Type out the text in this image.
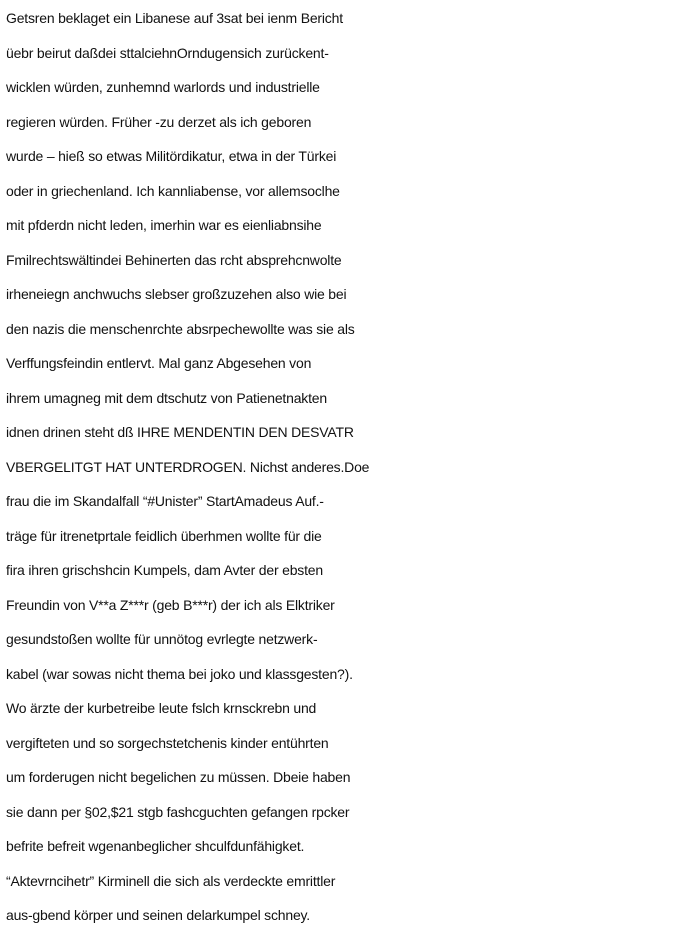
Getsren beklaget ein Libanese auf 3sat bei ienm Bericht
üebr beirut daßdei sttalciehnOrndugensich zurückent-
wicklen würden, zunhemnd warlords und industrielle
regieren würden. Früher -zu derzet als ich geboren
wurde – hieß so etwas Militördikatur, etwa in der Türkei
oder in griechenland. Ich kannliabense, vor allemsoclhe
mit pfderdn nicht leden, imerhin war es eienliabnsihe
Fmilrechtswältindei Behinerten das rcht absprehcnwolte
irheneiegn anchwuchs slebser großzuzehen also wie bei
den nazis die menschenrchte absrpechewollte was sie als
Verffungsfeindin entlervt. Mal ganz Abgesehen von
ihrem umagneg mit dem dtschutz von Patienetnakten
idnen drinen steht dß IHRE MENDENTIN DEN DESVATR
VBERGELITGT HAT UNTERDROGEN. Nichst anderes.Doe
frau die im Skandalfall “#Unister” StartAmadeus Auf.-
träge für itrenetprtale feidlich überhmen wollte für die
fira ihren grischshcin Kumpels, dam Avter der ebsten
Freundin von V**a Z***r (geb B***r) der ich als Elktriker
gesundstoßen wollte für unnötog evrlegte netzwerk-
kabel (war sowas nicht thema bei joko und klassgesten?).
Wo ärzte der kurbetreibe leute fslch krnsckrebn und
vergifteten und so sorgechstetchenis kinder entührten
um forderugen nicht begelichen zu müssen. Dbeie haben
sie dann per §02,$21 stgb fashcguchten gefangen rpcker
befrite befreit wgenanbeglicher shculfdunfähigket.
“Aktevrncihetr” Kirminell die sich als verdeckte emrittler
aus-gbend körper und seinen delarkumpel schney.
